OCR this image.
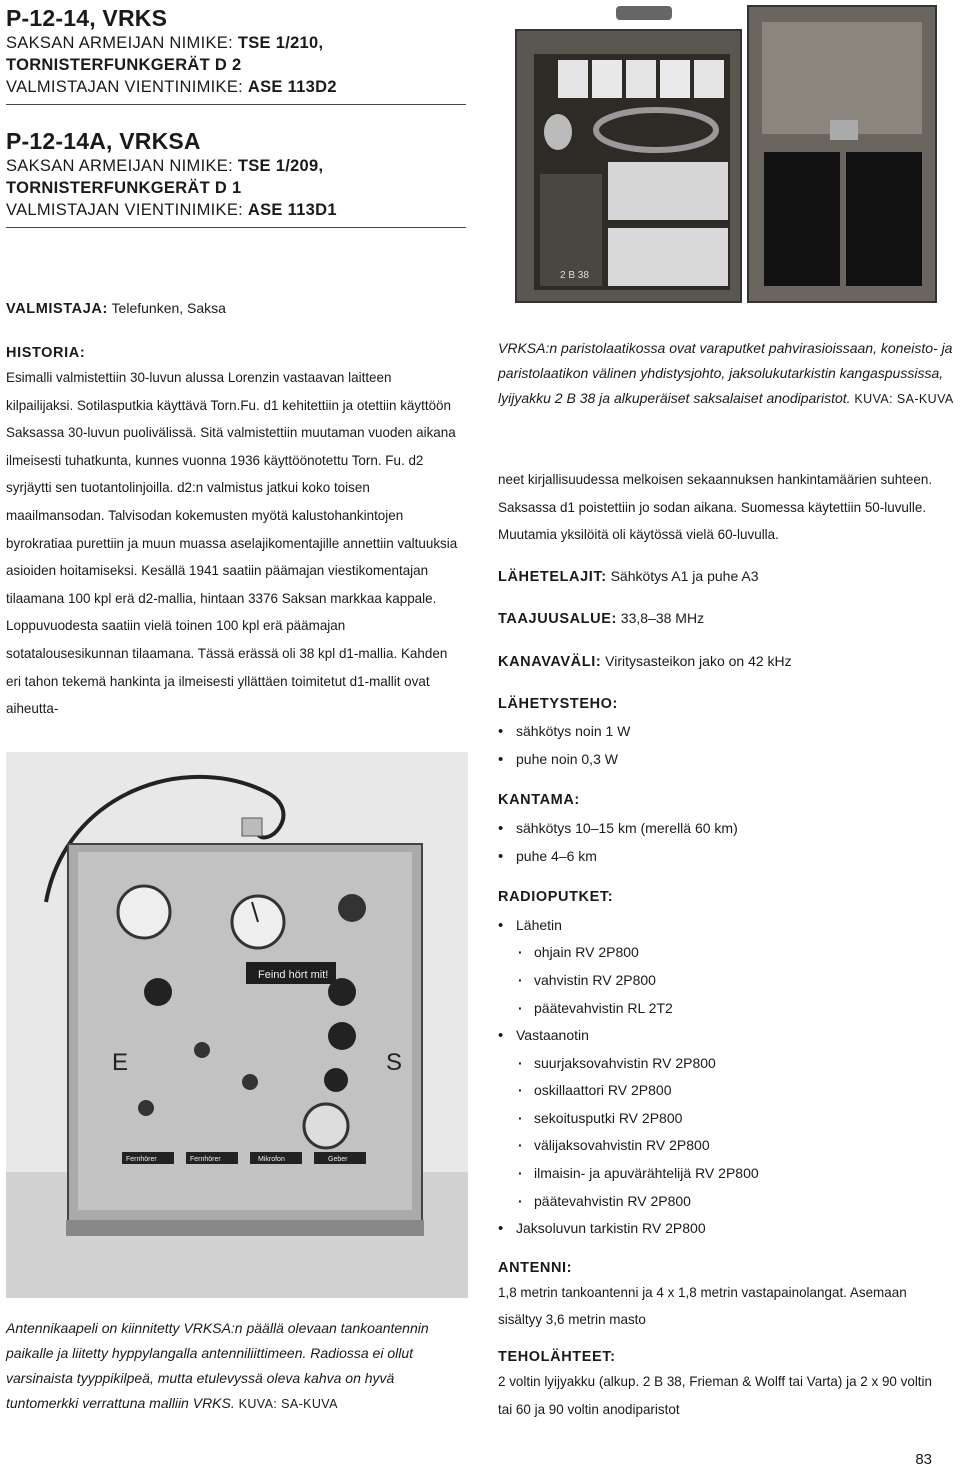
P-12-14, VRKS

SAKSAN ARMEIJAN NIMIKE: TSE 1/210,

TORNISTERFUNKGERÄT D 2

VALMISTAJAN VIENTINIMIKE: ASE 113D2

P-12-14A, VRKSA

SAKSAN ARMEIJAN NIMIKE: TSE 1/209,

TORNISTERFUNKGERÄT D 1

VALMISTAJAN VIENTINIMIKE: ASE 113D1

VALMISTAJA: Telefunken, Saksa
HISTORIA:
Esimalli valmistettiin 30-luvun alussa Lorenzin vastaavan laitteen kilpailijaksi. Sotilasputkia käyttävä Torn.Fu. d1 kehitettiin ja otettiin käyttöön Saksassa 30-luvun puolivälissä. Sitä valmistettiin muutaman vuoden aikana ilmeisesti tuhatkunta, kunnes vuonna 1936 käyttöönotettu Torn. Fu. d2 syrjäytti sen tuotantolinjoilla. d2:n valmistus jatkui koko toisen maailmansodan. Talvisodan kokemusten myötä kalustohankintojen byrokratiaa purettiin ja muun muassa aselajikomentajille annettiin valtuuksia asioiden hoitamiseksi. Kesällä 1941 saatiin päämajan viestikomentajan tilaamana 100 kpl erä d2-mallia, hintaan 3376 Saksan markkaa kappale. Loppuvuodesta saatiin vielä toinen 100 kpl erä päämajan sotatalousesikunnan tilaamana. Tässä erässä oli 38 kpl d1-mallia. Kahden eri tahon tekemä hankinta ja ilmeisesti yllättäen toimitetut d1-mallit ovat aiheutta-
2 B 38
VRKSA:n paristolaatikossa ovat varaputket pahvirasioissaan, koneisto- ja paristolaatikon välinen yhdistysjohto, jaksolukutarkistin kangaspussissa, lyijyakku 2 B 38 ja alkuperäiset saksalaiset anodiparistot. KUVA: SA-KUVA
neet kirjallisuudessa melkoisen sekaannuksen hankintamäärien suhteen. Saksassa d1 poistettiin jo sodan aikana. Suomessa käytettiin 50-luvulle. Muutamia yksilöitä oli käytössä vielä 60-luvulla.
LÄHETELAJIT: Sähkötys A1 ja puhe A3
TAAJUUSALUE: 33,8–38 MHz
KANAVAVÄLI: Viritysasteikon jako on 42 kHz
LÄHETYSTEHO:
• sähkötys noin 1 W
• puhe noin 0,3 W
KANTAMA:
• sähkötys 10–15 km (merellä 60 km)
• puhe 4–6 km
RADIOPUTKET:
• Lähetin
· ohjain RV 2P800
· vahvistin RV 2P800
· päätevahvistin RL 2T2
• Vastaanotin
· suurjaksovahvistin RV 2P800
· oskillaattori RV 2P800
· sekoitusputki RV 2P800
· välijaksovahvistin RV 2P800
· ilmaisin- ja apuvärähtelijä RV 2P800
· päätevahvistin RV 2P800
• Jaksoluvun tarkistin RV 2P800
ANTENNI:
1,8 metrin tankoantenni ja 4 x 1,8 metrin vastapainolangat. Asemaan sisältyy 3,6 metrin masto
TEHOLÄHTEET:
2 voltin lyijyakku (alkup. 2 B 38, Frieman & Wolff tai Varta) ja 2 x 90 voltin tai 60 ja 90 voltin anodiparistot
Feind hört mit!
E	S
Fernhörer	Fernhörer	Mikrofon	Geber
Antennikaapeli on kiinnitetty VRKSA:n päällä olevaan tankoantennin paikalle ja liitetty hyppylangalla antenniliittimeen. Radiossa ei ollut varsinaista tyyppikilpeä, mutta etulevyssä oleva kahva on hyvä tuntomerkki verrattuna malliin VRKS. KUVA: SA-KUVA
83
